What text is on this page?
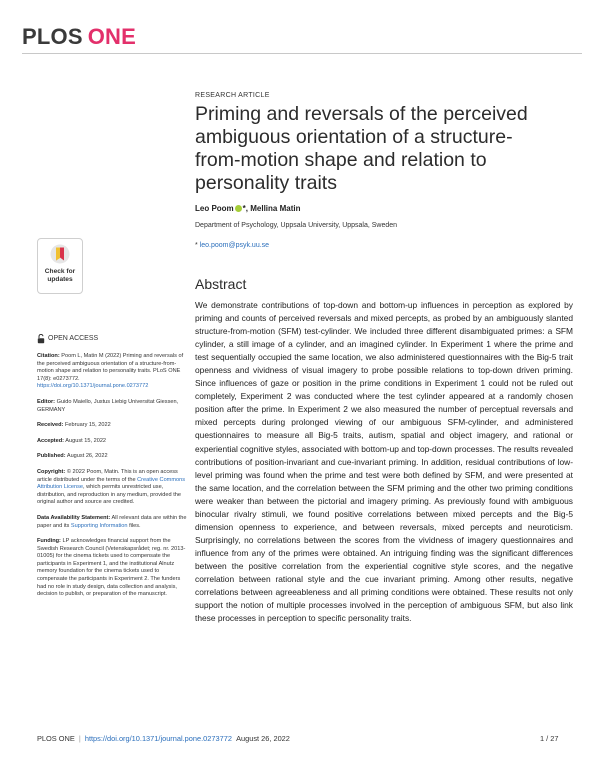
PLOS ONE
RESEARCH ARTICLE
Priming and reversals of the perceived ambiguous orientation of a structure-from-motion shape and relation to personality traits
Leo Poom *, Mellina Matin
Department of Psychology, Uppsala University, Uppsala, Sweden
* leo.poom@psyk.uu.se
Abstract

We demonstrate contributions of top-down and bottom-up influences in perception as explored by priming and counts of perceived reversals and mixed percepts, as probed by an ambiguously slanted structure-from-motion (SFM) test-cylinder. We included three different disambiguated primes: a SFM cylinder, a still image of a cylinder, and an imagined cylinder. In Experiment 1 where the prime and test sequentially occupied the same location, we also administered questionnaires with the Big-5 trait openness and vividness of visual imagery to probe possible relations to top-down driven priming. Since influences of gaze or position in the prime conditions in Experiment 1 could not be ruled out completely, Experiment 2 was conducted where the test cylinder appeared at a randomly chosen position after the prime. In Experiment 2 we also measured the number of perceptual reversals and mixed percepts during prolonged viewing of our ambiguous SFM-cylinder, and administered questionnaires to measure all Big-5 traits, autism, spatial and object imagery, and rational or experiential cognitive styles, associated with bottom-up and top-down processes. The results revealed contributions of position-invariant and cue-invariant priming. In addition, residual contributions of low-level priming was found when the prime and test were both defined by SFM, and were presented at the same location, and the correlation between the SFM priming and the other two priming conditions were weaker than between the pictorial and imagery priming. As previously found with ambiguous binocular rivalry stimuli, we found positive correlations between mixed percepts and the Big-5 dimension openness to experience, and between reversals, mixed percepts and neuroticism. Surprisingly, no correlations between the scores from the vividness of imagery questionnaires and influence from any of the primes were obtained. An intriguing finding was the significant differences between the positive correlation from the experiential cognitive style scores, and the negative correlation between rational style and the cue invariant priming. Among other results, negative correlations between agreeableness and all priming conditions were obtained. These results not only support the notion of multiple processes involved in the perception of ambiguous SFM, but also link these processes in perception to specific personality traits.

Check for
updates

OPEN ACCESS

Citation: Poom L, Matin M (2022) Priming and reversals of the perceived ambiguous orientation of a structure-from-motion shape and relation to personality traits. PLoS ONE 17(8): e0273772. https://doi.org/10.1371/journal.pone.0273772

Editor: Guido Maiello, Justus Liebig Universitat Giessen, GERMANY

Received: February 15, 2022

Accepted: August 15, 2022

Published: August 26, 2022

Copyright: © 2022 Poom, Matin. This is an open access article distributed under the terms of the Creative Commons Attribution License, which permits unrestricted use, distribution, and reproduction in any medium, provided the original author and source are credited.

Data Availability Statement: All relevant data are within the paper and its Supporting Information files.

Funding: LP acknowledges financial support from the Swedish Research Council (Vetenskapsrådet; reg. nr. 2013-01005) for the cinema tickets used to compensate the participants in Experiment 1, and the institutional Alnutz memory foundation for the cinema tickets used to compensate the participants in Experiment 2. The funders had no role in study design, data collection and analysis, decision to publish, or preparation of the manuscript.

PLOS ONE | https://doi.org/10.1371/journal.pone.0273772 August 26, 2022	1 / 27
